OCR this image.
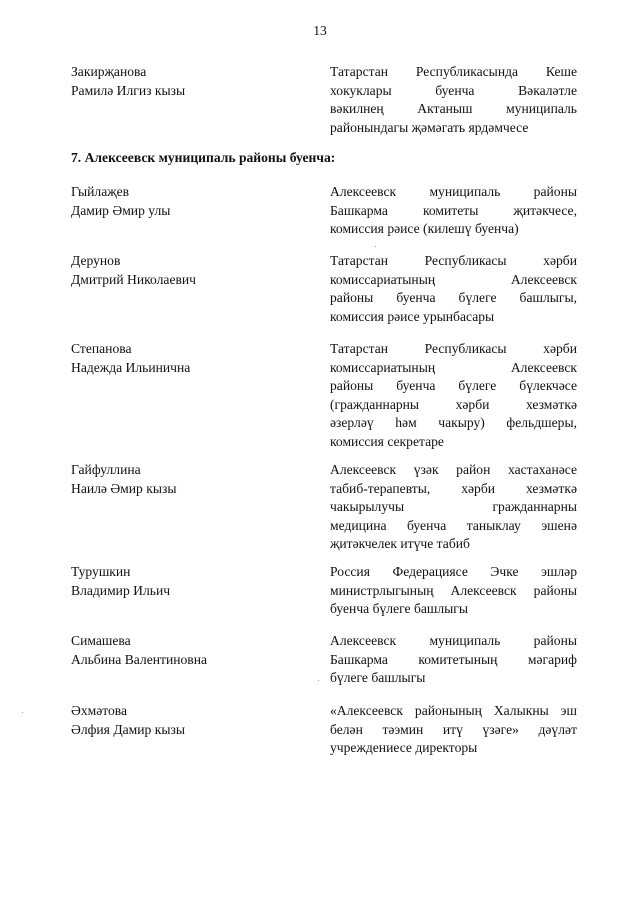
13
Закирҗанова
Рамилә Илгиз кызы
Татарстан Республикасында Кеше
хокуклары буенча Вәкаләтле
вәкилнең Актаныш муниципаль
районындагы җәмәгать ярдәмчесе
7. Алексеевск муниципаль районы буенча:
Гыйлаҗев
Дамир Әмир улы
Алексеевск муниципаль районы
Башкарма комитеты җитәкчесе,
комиссия рәисе (килешү буенча)
Дерунов
Дмитрий Николаевич
Татарстан Республикасы хәрби
комиссариатының Алексеевск
районы буенча бүлеге башлыгы,
комиссия рәисе урынбасары
Степанова
Надежда Ильинична
Татарстан Республикасы хәрби
комиссариатының Алексеевск
районы буенча бүлеге бүлекчәсе
(гражданнарны хәрби хезмәткә
әзерләү һәм чакыру) фельдшеры,
комиссия секретаре
Гайфуллина
Наилә Әмир кызы
Алексеевск үзәк район хастаханәсе
табиб-терапевты, хәрби хезмәткә
чакырылучы гражданнарны
медицина буенча таныклау эшенә
җитәкчелек итүче табиб
Турушкин
Владимир Ильич
Россия Федерациясе Эчке эшләр
министрлыгының Алексеевск районы
буенча бүлеге башлыгы
Симашева
Альбина Валентиновна
Алексеевск муниципаль районы
Башкарма комитетының мәгариф
бүлеге башлыгы
Әхмәтова
Әлфия Дамир кызы
«Алексеевск районының Халыкны эш
белән тәэмин итү үзәге» дәүләт
учреждениесе директоры
